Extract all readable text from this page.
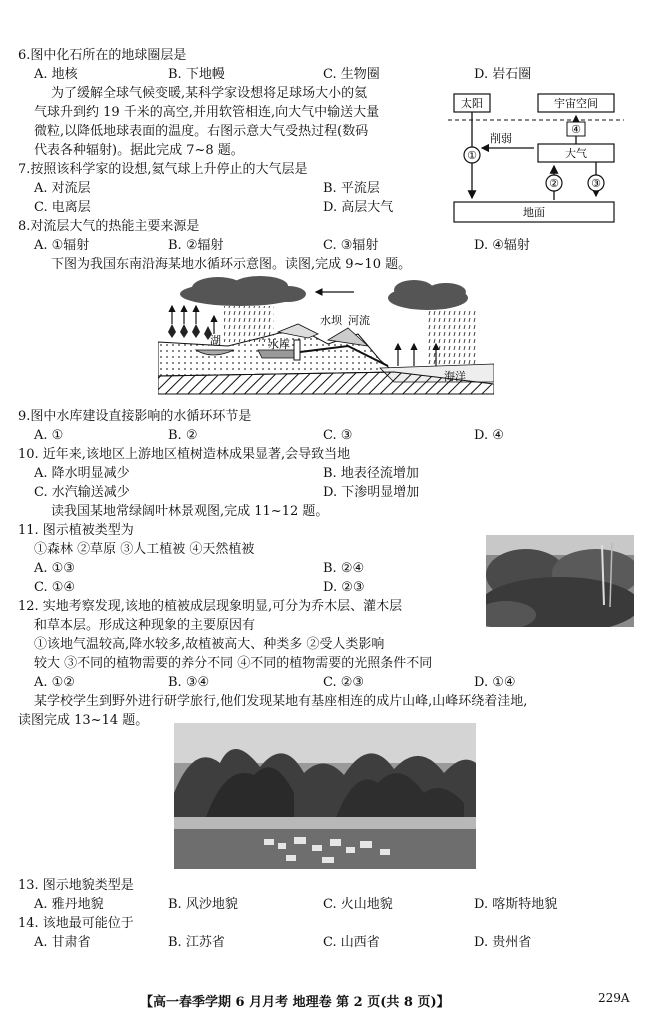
6.图中化石所在的地球圈层是
A. 地核	B. 下地幔	C. 生物圈	D. 岩石圈
为了缓解全球气候变暖,某科学家设想将足球场大小的氦
气球升到约 19 千米的高空,并用软管相连,向大气中输送大量
微粒,以降低地球表面的温度。右图示意大气受热过程(数码
代表各种辐射)。据此完成 7~8 题。
太阳	宇宙空间
①
削弱
大气
④
②	③
地面
7.按照该科学家的设想,氦气球上升停止的大气层是
A. 对流层	B. 平流层
C. 电离层	D. 高层大气
8.对流层大气的热能主要来源是
A. ①辐射	B. ②辐射	C. ③辐射	D. ④辐射
下图为我国东南沿海某地水循环示意图。读图,完成 9~10 题。
湖	水库
水坝 河流
海洋
9.图中水库建设直接影响的水循环环节是
A. ①	B. ②	C. ③	D. ④
10. 近年来,该地区上游地区植树造林成果显著,会导致当地
A. 降水明显减少	B. 地表径流增加
C. 水汽输送减少	D. 下渗明显增加
读我国某地常绿阔叶林景观图,完成 11~12 题。
11. 图示植被类型为
①森林 ②草原 ③人工植被 ④天然植被
A. ①③	B. ②④
C. ①④	D. ②③
12. 实地考察发现,该地的植被成层现象明显,可分为乔木层、灌木层
和草本层。形成这种现象的主要原因有
①该地气温较高,降水较多,故植被高大、种类多 ②受人类影响
较大 ③不同的植物需要的养分不同 ④不同的植物需要的光照条件不同
A. ①②	B. ③④	C. ②③	D. ①④
某学校学生到野外进行研学旅行,他们发现某地有基座相连的成片山峰,山峰环绕着洼地,
读图完成 13~14 题。
13. 图示地貌类型是
A. 雅丹地貌	B. 风沙地貌	C. 火山地貌	D. 喀斯特地貌
14. 该地最可能位于
A. 甘肃省	B. 江苏省	C. 山西省	D. 贵州省
【高一春季学期 6 月月考 地理卷 第 2 页(共 8 页)】	229A
